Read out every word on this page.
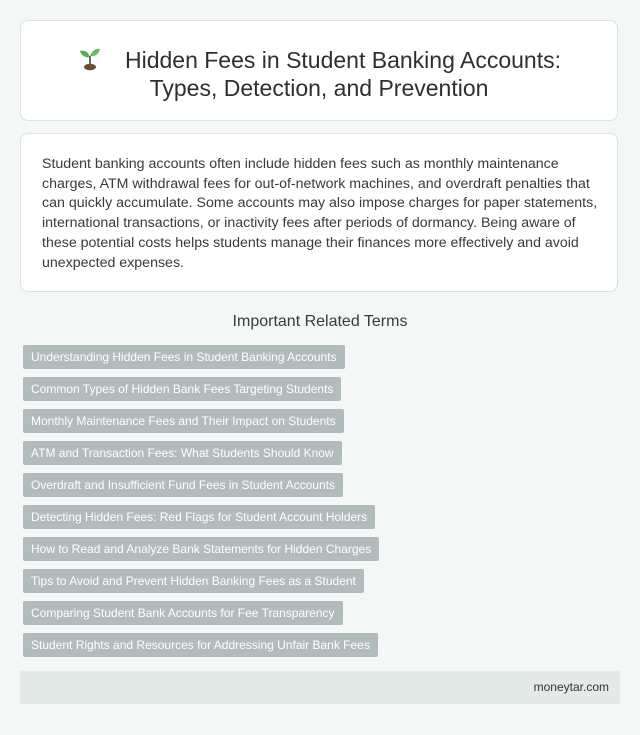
Hidden Fees in Student Banking Accounts:
Types, Detection, and Prevention

Student banking accounts often include hidden fees such as monthly maintenance charges, ATM withdrawal fees for out-of-network machines, and overdraft penalties that can quickly accumulate. Some accounts may also impose charges for paper statements, international transactions, or inactivity fees after periods of dormancy. Being aware of these potential costs helps students manage their finances more effectively and avoid unexpected expenses.

Important Related Terms
Understanding Hidden Fees in Student Banking Accounts
Common Types of Hidden Bank Fees Targeting Students
Monthly Maintenance Fees and Their Impact on Students
ATM and Transaction Fees: What Students Should Know
Overdraft and Insufficient Fund Fees in Student Accounts
Detecting Hidden Fees: Red Flags for Student Account Holders
How to Read and Analyze Bank Statements for Hidden Charges
Tips to Avoid and Prevent Hidden Banking Fees as a Student
Comparing Student Bank Accounts for Fee Transparency
Student Rights and Resources for Addressing Unfair Bank Fees
moneytar.com
